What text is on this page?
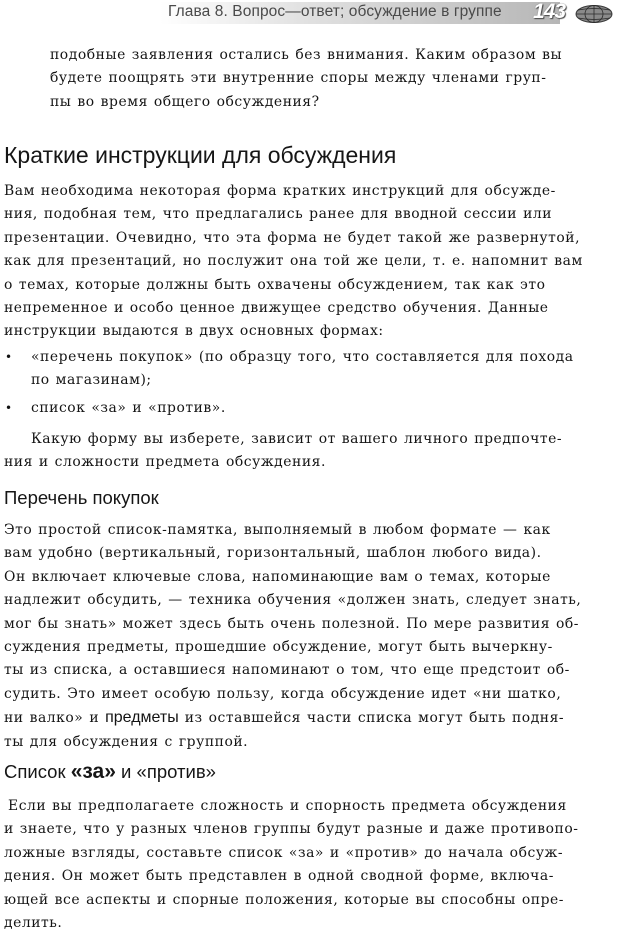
Глава 8. Вопрос—ответ; обсуждение в группе 143
подобные заявления остались без внимания. Каким образом вы
будете поощрять эти внутренние споры между членами груп-
пы во время общего обсуждения?
Краткие инструкции для обсуждения
Вам необходима некоторая форма кратких инструкций для обсужде-
ния, подобная тем, что предлагались ранее для вводной сессии или
презентации. Очевидно, что эта форма не будет такой же развернутой,
как для презентаций, но послужит она той же цели, т. е. напомнит вам
о темах, которые должны быть охвачены обсуждением, так как это
непременное и особо ценное движущее средство обучения. Данные
инструкции выдаются в двух основных формах:
• «перечень покупок» (по образцу того, что составляется для похода
по магазинам);
• список «за» и «против».
Какую форму вы изберете, зависит от вашего личного предпочте-
ния и сложности предмета обсуждения.
Перечень покупок
Это простой список-памятка, выполняемый в любом формате — как
вам удобно (вертикальный, горизонтальный, шаблон любого вида).
Он включает ключевые слова, напоминающие вам о темах, которые
надлежит обсудить, — техника обучения «должен знать, следует знать,
мог бы знать» может здесь быть очень полезной. По мере развития об-
суждения предметы, прошедшие обсуждение, могут быть вычеркну-
ты из списка, а оставшиеся напоминают о том, что еще предстоит об-
судить. Это имеет особую пользу, когда обсуждение идет «ни шатко,
ни валко» и предметы из оставшейся части списка могут быть подня-
ты для обсуждения с группой.
Список «за» и «против»
Если вы предполагаете сложность и спорность предмета обсуждения
и знаете, что у разных членов группы будут разные и даже противопо-
ложные взгляды, составьте список «за» и «против» до начала обсуж-
дения. Он может быть представлен в одной сводной форме, включа-
ющей все аспекты и спорные положения, которые вы способны опре-
делить.
